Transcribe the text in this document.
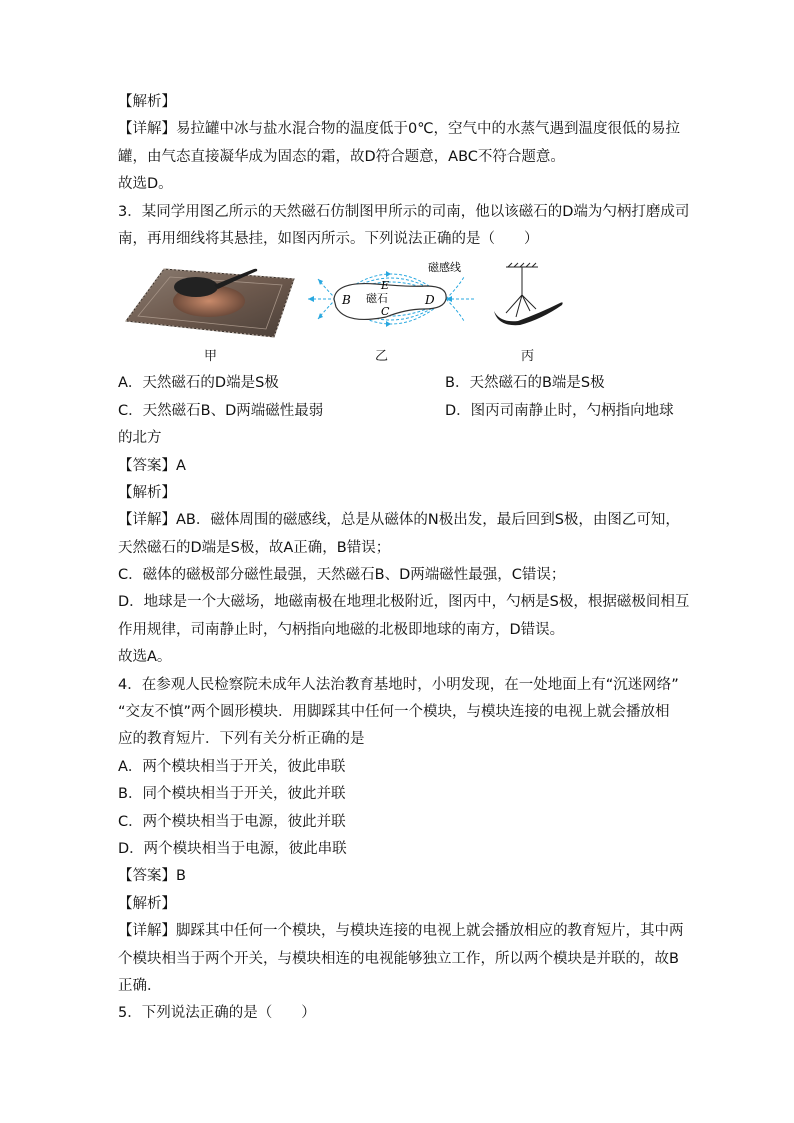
【解析】
【详解】易拉罐中冰与盐水混合物的温度低于0℃，空气中的水蒸气遇到温度很低的易拉
罐，由气态直接凝华成为固态的霜，故D符合题意，ABC不符合题意。
故选D。
3．某同学用图乙所示的天然磁石仿制图甲所示的司南，他以该磁石的D端为勺柄打磨成司
南，再用细线将其悬挂，如图丙所示。下列说法正确的是（　　）
甲
B
E
磁石
C
D
磁感线
乙	丙
A．天然磁石的D端是S极	B．天然磁石的B端是S极
C．天然磁石B、D两端磁性最弱	D．图丙司南静止时，勺柄指向地球
的北方
【答案】A
【解析】
【详解】AB．磁体周围的磁感线，总是从磁体的N极出发，最后回到S极，由图乙可知，
天然磁石的D端是S极，故A正确，B错误；
C．磁体的磁极部分磁性最强，天然磁石B、D两端磁性最强，C错误；
D．地球是一个大磁场，地磁南极在地理北极附近，图丙中，勺柄是S极，根据磁极间相互
作用规律，司南静止时，勺柄指向地磁的北极即地球的南方，D错误。
故选A。
4．在参观人民检察院未成年人法治教育基地时，小明发现，在一处地面上有“沉迷网络”
“交友不慎”两个圆形模块．用脚踩其中任何一个模块，与模块连接的电视上就会播放相
应的教育短片．下列有关分析正确的是
A．两个模块相当于开关，彼此串联
B．同个模块相当于开关，彼此并联
C．两个模块相当于电源，彼此并联
D．两个模块相当于电源，彼此串联
【答案】B
【解析】
【详解】脚踩其中任何一个模块，与模块连接的电视上就会播放相应的教育短片，其中两
个模块相当于两个开关，与模块相连的电视能够独立工作，所以两个模块是并联的，故B
正确．
5．下列说法正确的是（　　）
